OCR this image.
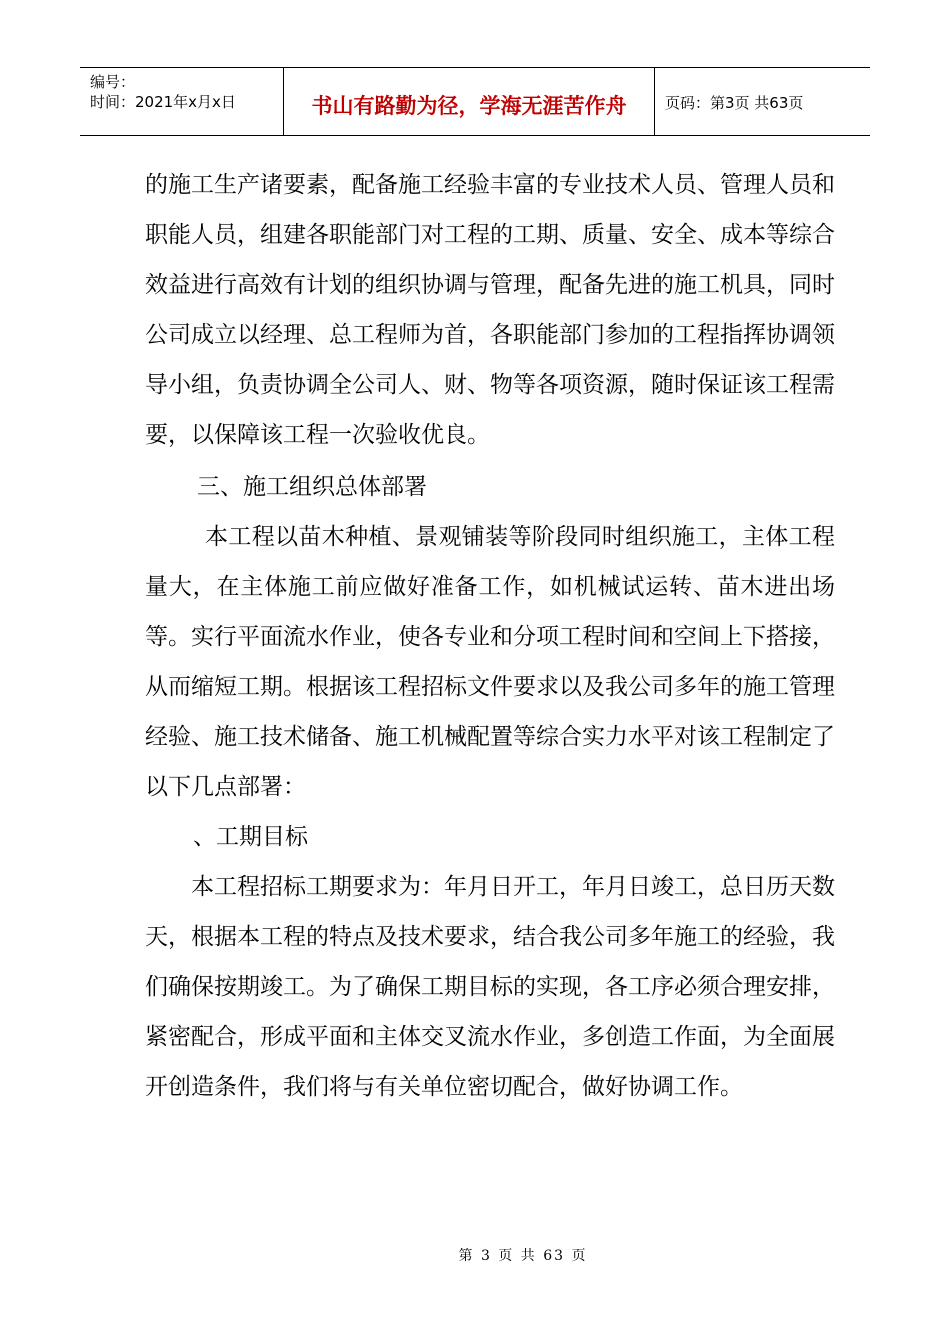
编号：
时间：2021年x月x日	书山有路勤为径，学海无涯苦作舟	页码：第3页 共63页

的施工生产诸要素，配备施工经验丰富的专业技术人员、管理人员和职能人员，组建各职能部门对工程的工期、质量、安全、成本等综合效益进行高效有计划的组织协调与管理，配备先进的施工机具，同时公司成立以经理、总工程师为首，各职能部门参加的工程指挥协调领导小组，负责协调全公司人、财、物等各项资源，随时保证该工程需要，以保障该工程一次验收优良。

三、施工组织总体部署

本工程以苗木种植、景观铺装等阶段同时组织施工，主体工程量大，在主体施工前应做好准备工作，如机械试运转、苗木进出场等。实行平面流水作业，使各专业和分项工程时间和空间上下搭接，从而缩短工期。根据该工程招标文件要求以及我公司多年的施工管理经验、施工技术储备、施工机械配置等综合实力水平对该工程制定了以下几点部署：

、工期目标

本工程招标工期要求为：年月日开工，年月日竣工，总日历天数天，根据本工程的特点及技术要求，结合我公司多年施工的经验，我们确保按期竣工。为了确保工期目标的实现，各工序必须合理安排，紧密配合，形成平面和主体交叉流水作业，多创造工作面，为全面展开创造条件，我们将与有关单位密切配合，做好协调工作。

第 3 页 共 63 页
